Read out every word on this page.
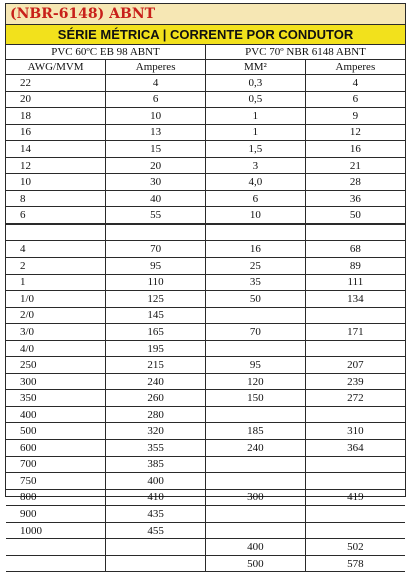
(NBR-6148) ABNT
SÉRIE MÉTRICA | CORRENTE POR CONDUTOR
PVC 60ºC EB 98 ABNT		PVC 70º NBR 6148 ABNT	
AWG/MVM	Amperes	MM²	Amperes
22	4	0,3	4
20	6	0,5	6
18	10	1	9
16	13	1	12
14	15	1,5	16
12	20	3	21
10	30	4,0	28
8	40	6	36
6	55	10	50

4	70	16	68
2	95	25	89
1	110	35	111
1/0	125	50	134
2/0	145		
3/0	165	70	171
4/0	195		
250	215	95	207
300	240	120	239
350	260	150	272
400	280		
500	320	185	310
600	355	240	364
700	385		
750	400		
800	410	300	419
900	435		
1000	455		
		400	502
		500	578
